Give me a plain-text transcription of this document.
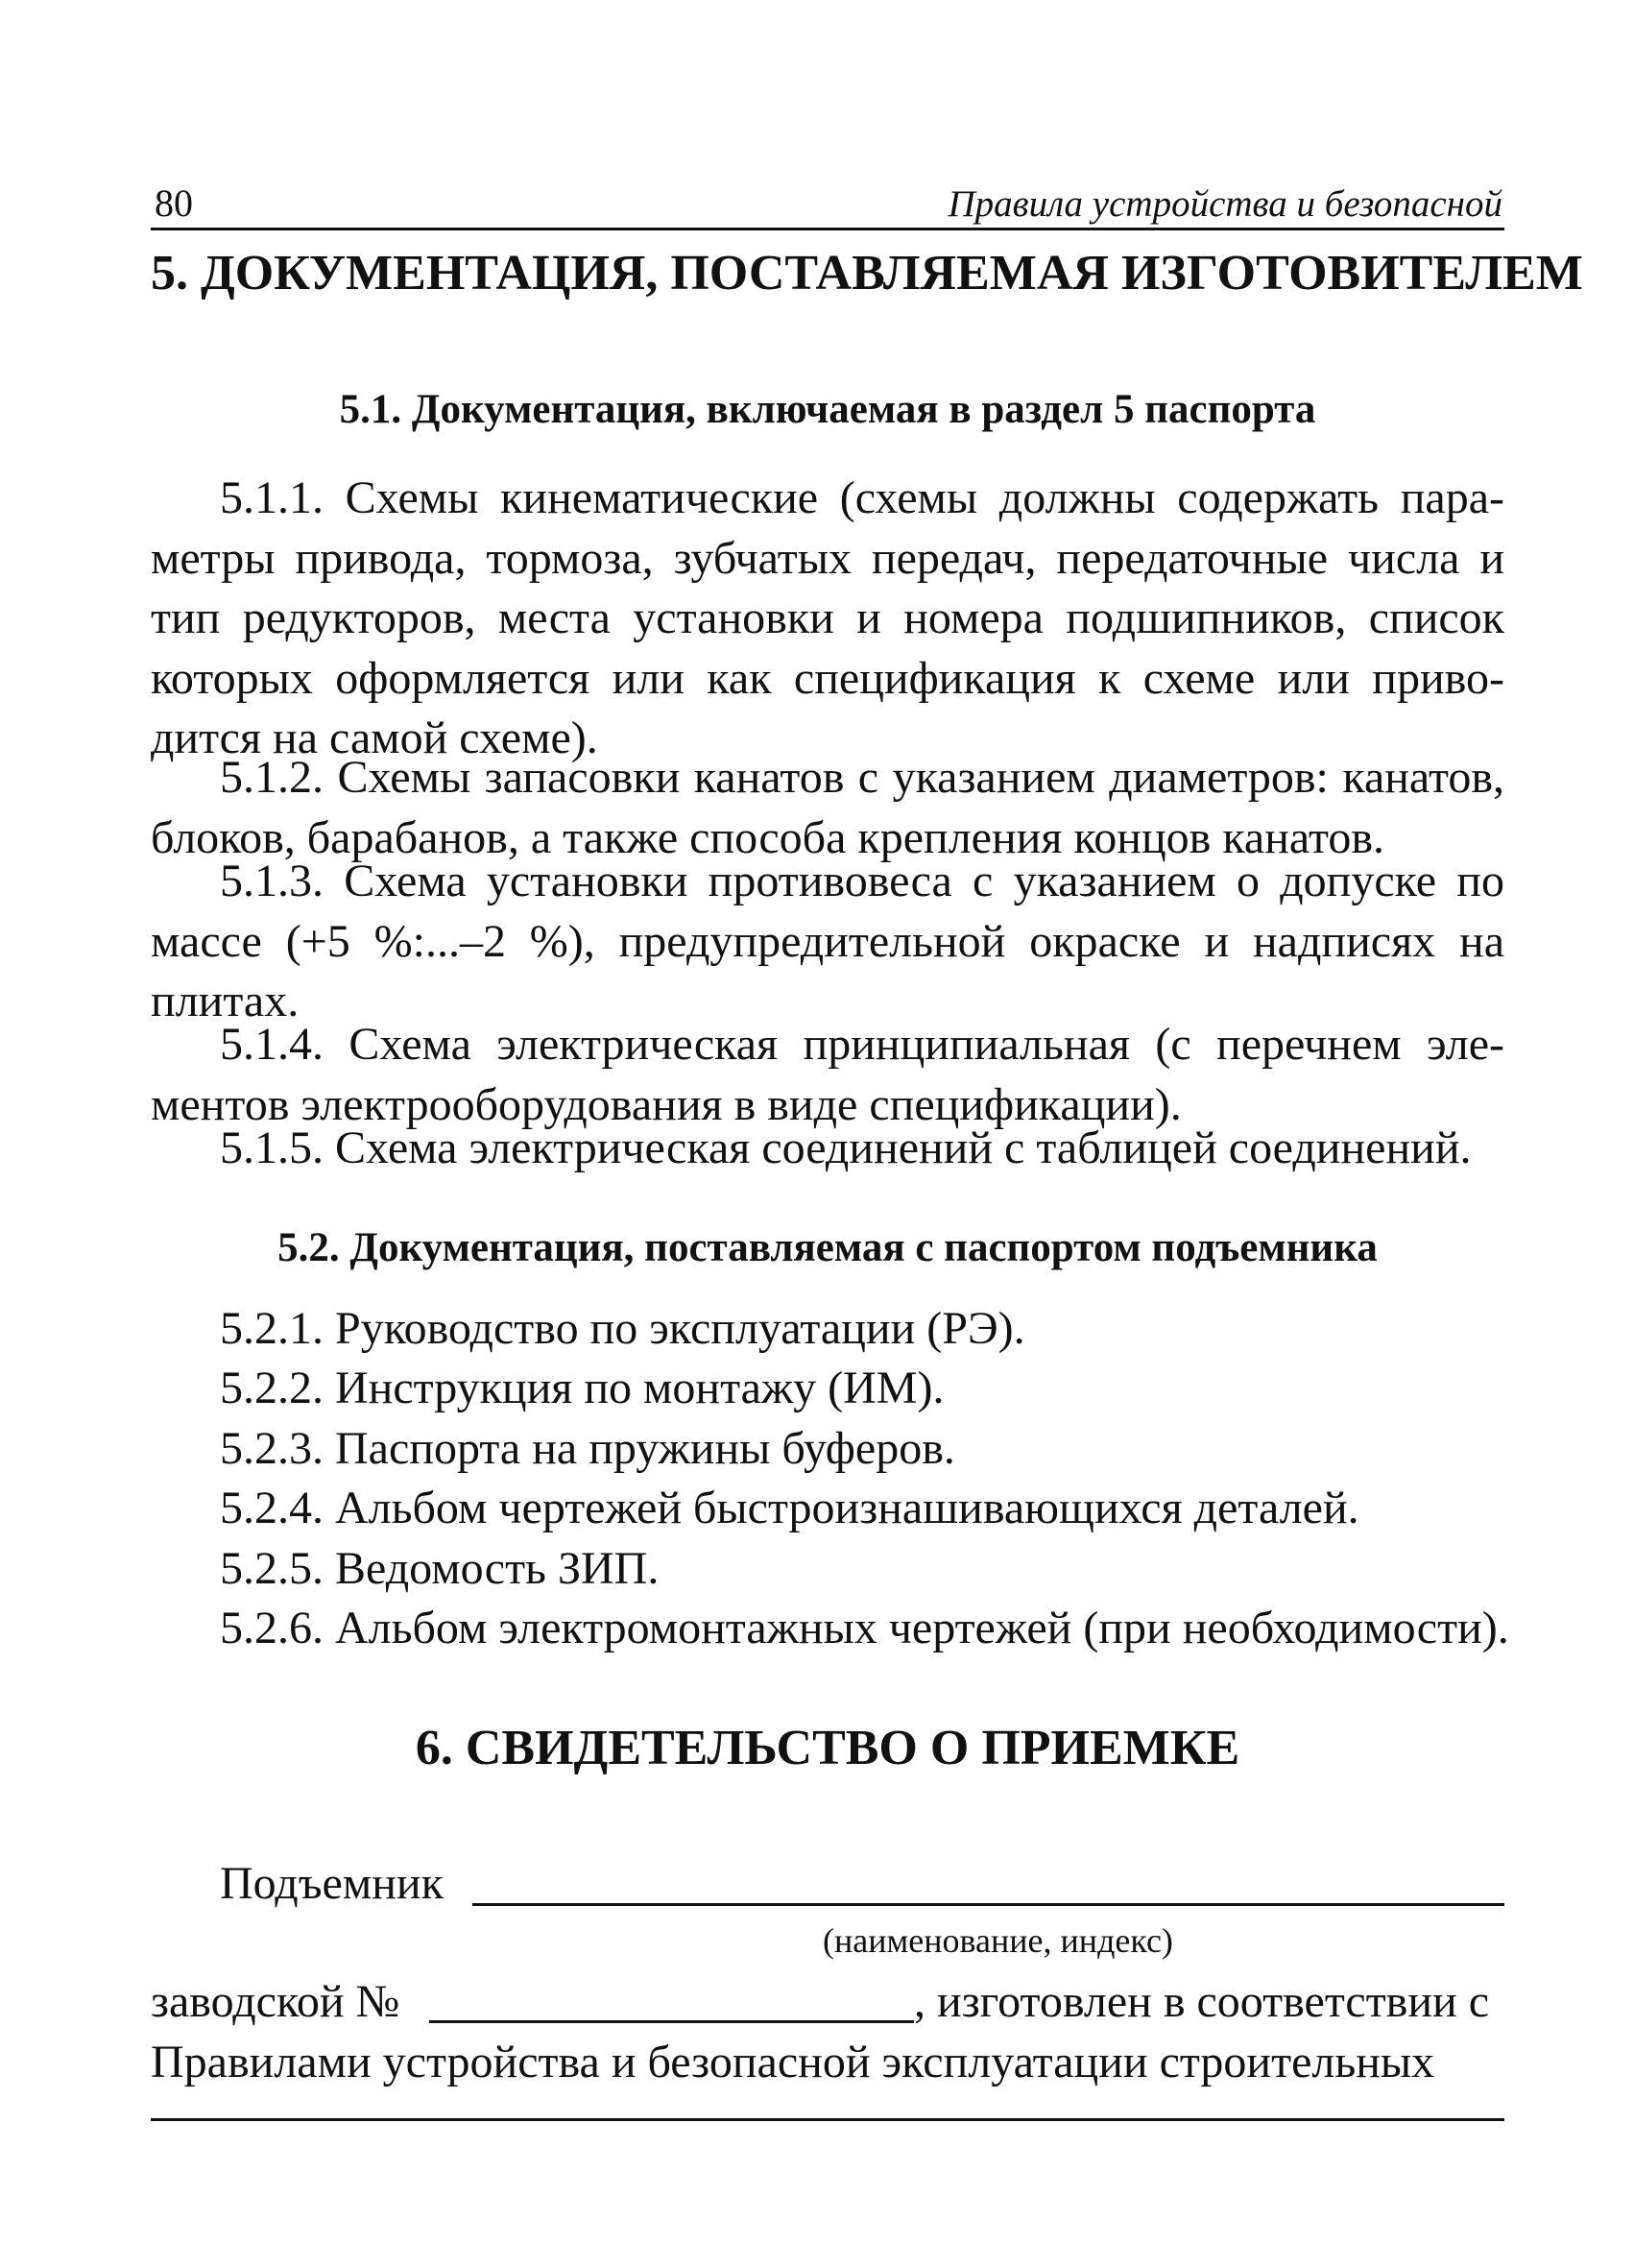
80	Правила устройства и безопасной
5. ДОКУМЕНТАЦИЯ, ПОСТАВЛЯЕМАЯ ИЗГОТОВИТЕЛЕМ
5.1. Документация, включаемая в раздел 5 паспорта
5.1.1. Схемы кинематические (схемы должны содержать параметры привода, тормоза, зубчатых передач, передаточные числа и тип редукторов, места установки и номера подшипников, список которых оформляется или как спецификация к схеме или приводится на самой схеме).
5.1.2. Схемы запасовки канатов с указанием диаметров: канатов, блоков, барабанов, а также способа крепления концов канатов.
5.1.3. Схема установки противовеса с указанием о допуске по массе (+5 %:...–2 %), предупредительной окраске и надписях на плитах.
5.1.4. Схема электрическая принципиальная (с перечнем элементов электрооборудования в виде спецификации).
5.1.5. Схема электрическая соединений с таблицей соединений.
5.2. Документация, поставляемая с паспортом подъемника
5.2.1. Руководство по эксплуатации (РЭ).
5.2.2. Инструкция по монтажу (ИМ).
5.2.3. Паспорта на пружины буферов.
5.2.4. Альбом чертежей быстроизнашивающихся деталей.
5.2.5. Ведомость ЗИП.
5.2.6. Альбом электромонтажных чертежей (при необходимости).
6. СВИДЕТЕЛЬСТВО О ПРИЕМКЕ
Подъемник
(наименование, индекс)
заводской №	, изготовлен в соответствии с
Правилами устройства и безопасной эксплуатации строительных
